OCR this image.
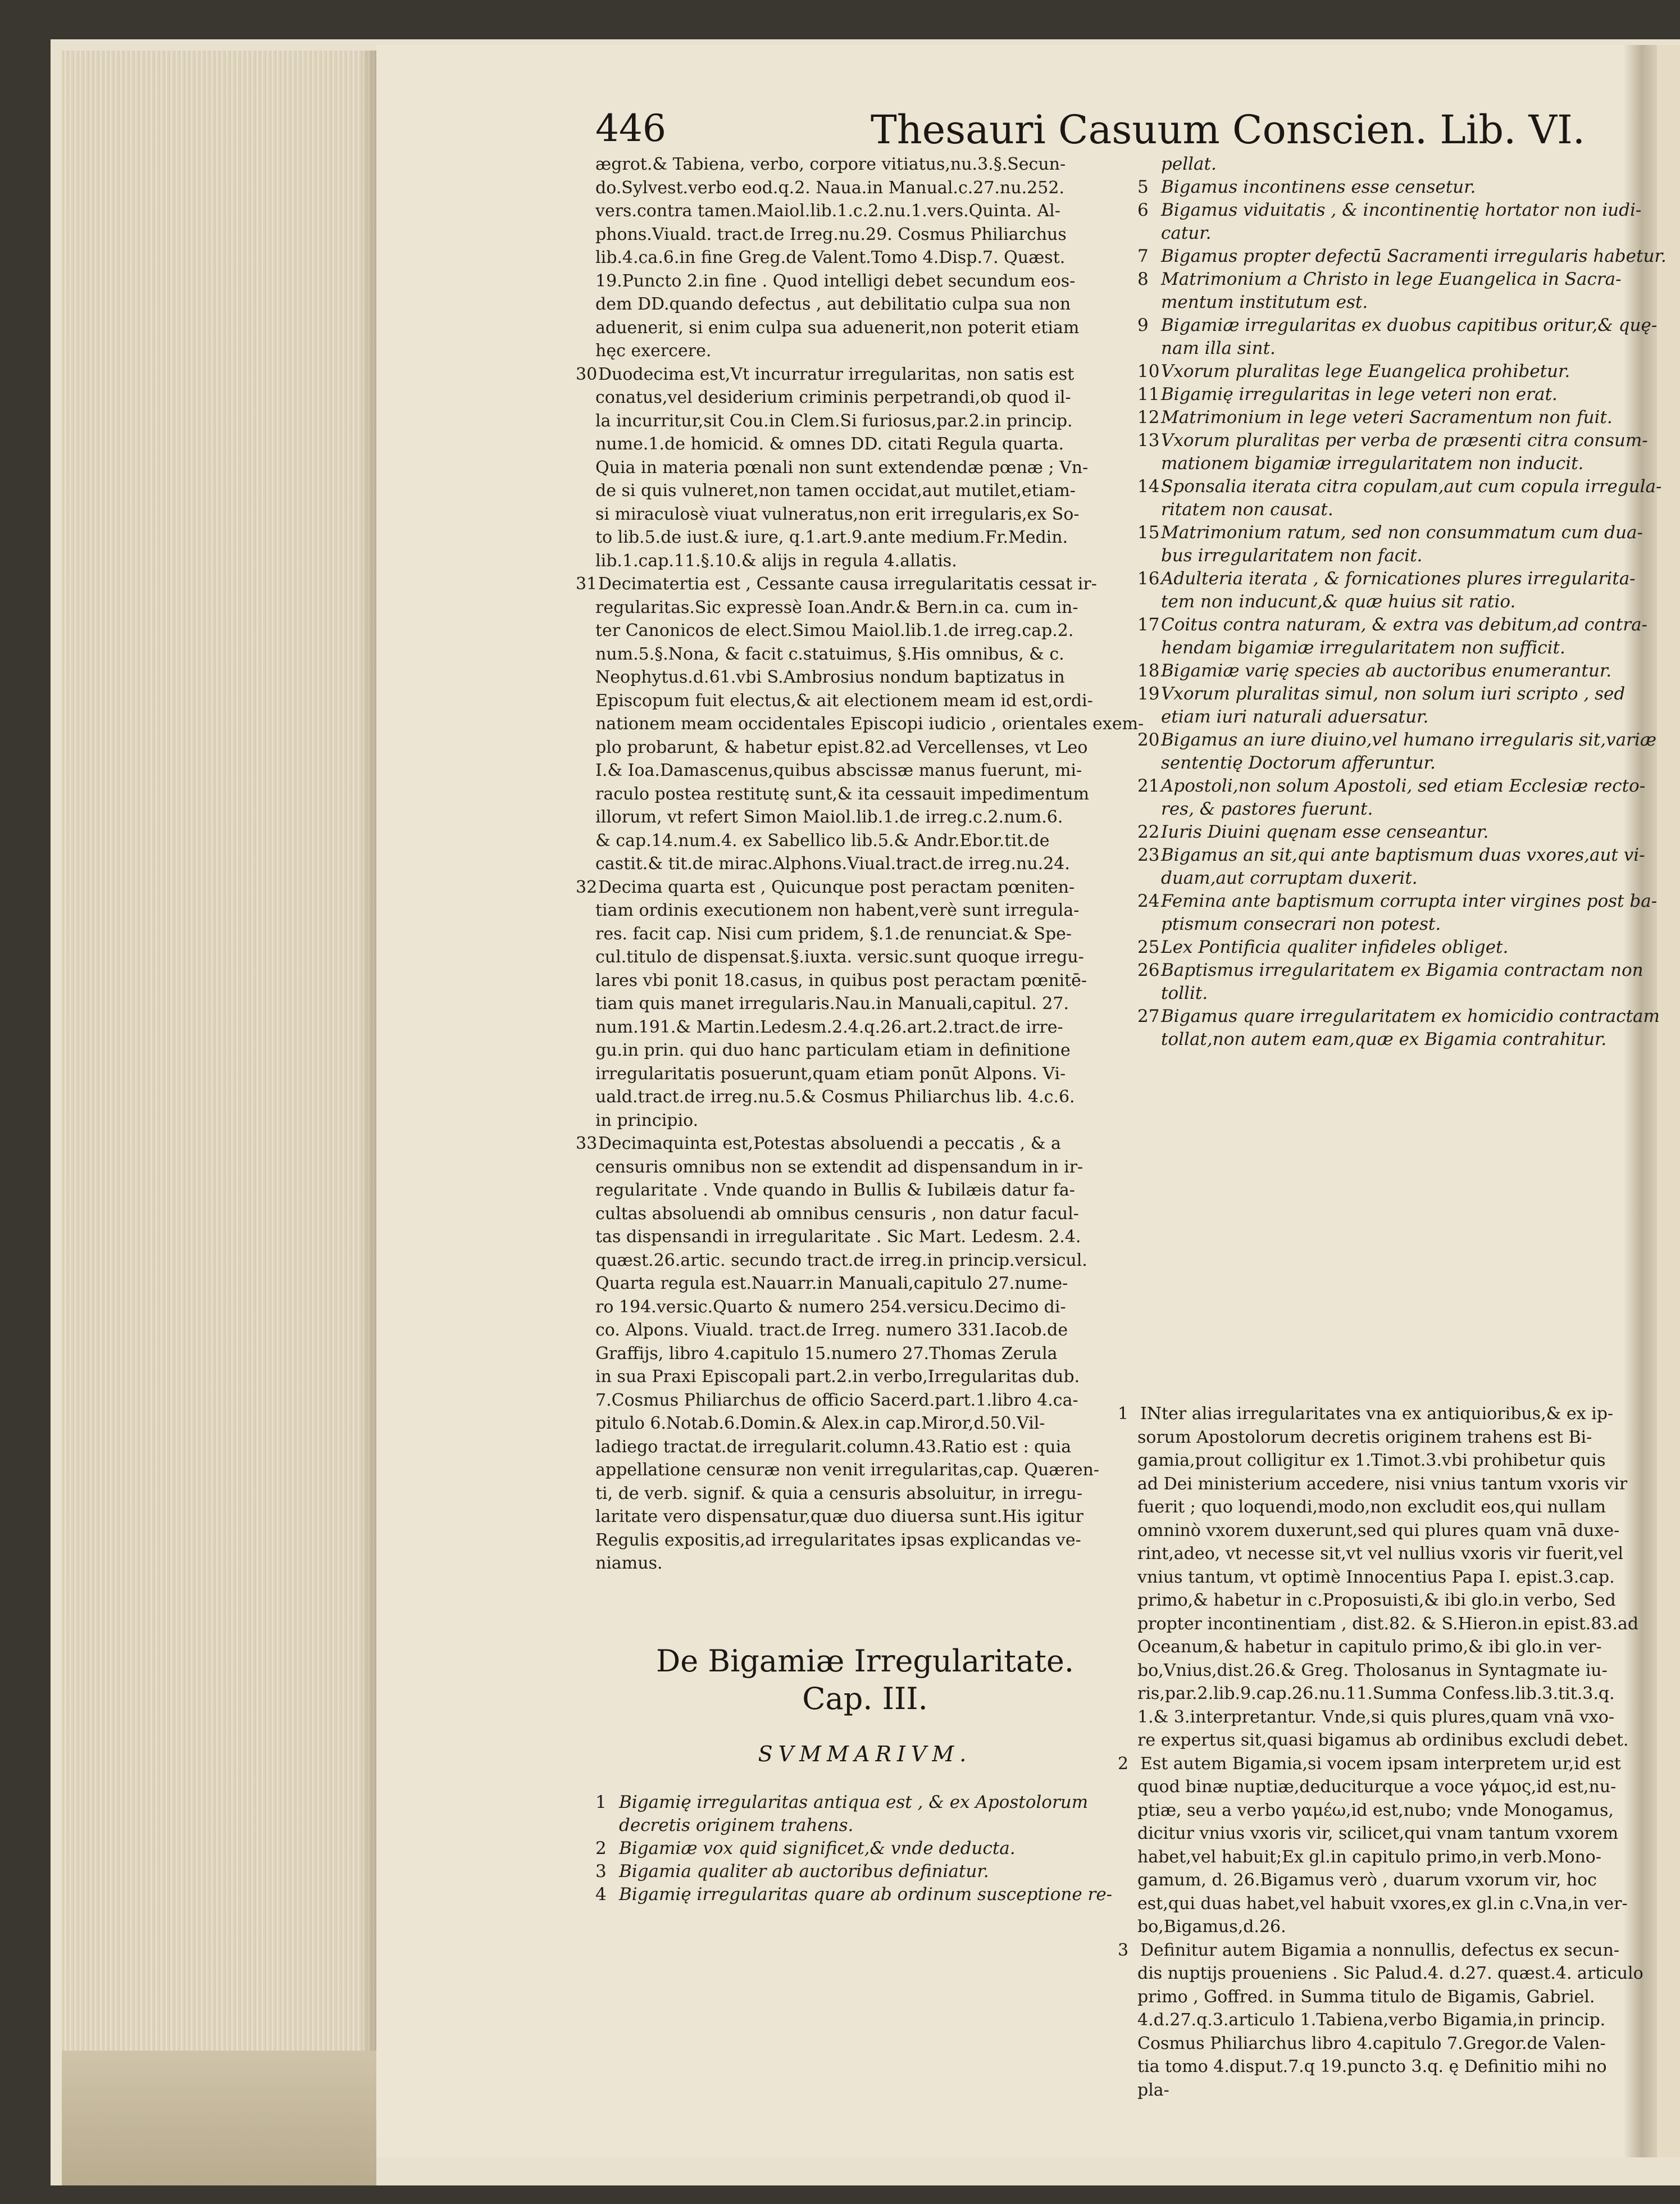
446	Thesauri Casuum Conscien. Lib. VI.
ægrot.& Tabiena, verbo, corpore vitiatus,nu.3.§.Secun-
do.Sylvest.verbo eod.q.2. Naua.in Manual.c.27.nu.252.
vers.contra tamen.Maiol.lib.1.c.2.nu.1.vers.Quinta. Al-
phons.Viuald. tract.de Irreg.nu.29. Cosmus Philiarchus
lib.4.ca.6.in fine Greg.de Valent.Tomo 4.Disp.7. Quæst.
19.Puncto 2.in fine . Quod intelligi debet secundum eos-
dem DD.quando defectus , aut debilitatio culpa sua non
aduenerit, si enim culpa sua aduenerit,non poterit etiam
hęc exercere.
30Duodecima est,Vt incurratur irregularitas, non satis est
conatus,vel desiderium criminis perpetrandi,ob quod il-
la incurritur,sit Cou.in Clem.Si furiosus,par.2.in princip.
nume.1.de homicid. & omnes DD. citati Regula quarta.
Quia in materia pœnali non sunt extendendæ pœnæ ; Vn-
de si quis vulneret,non tamen occidat,aut mutilet,etiam-
si miraculosè viuat vulneratus,non erit irregularis,ex So-
to lib.5.de iust.& iure, q.1.art.9.ante medium.Fr.Medin.
lib.1.cap.11.§.10.& alijs in regula 4.allatis.
31Decimatertia est , Cessante causa irregularitatis cessat ir-
regularitas.Sic expressè Ioan.Andr.& Bern.in ca. cum in-
ter Canonicos de elect.Simou Maiol.lib.1.de irreg.cap.2.
num.5.§.Nona, & facit c.statuimus, §.His omnibus, & c.
Neophytus.d.61.vbi S.Ambrosius nondum baptizatus in
Episcopum fuit electus,& ait electionem meam id est,ordi-
nationem meam occidentales Episcopi iudicio , orientales exem-
plo probarunt, & habetur epist.82.ad Vercellenses, vt Leo
I.& Ioa.Damascenus,quibus abscissæ manus fuerunt, mi-
raculo postea restitutę sunt,& ita cessauit impedimentum
illorum, vt refert Simon Maiol.lib.1.de irreg.c.2.num.6.
& cap.14.num.4. ex Sabellico lib.5.& Andr.Ebor.tit.de
castit.& tit.de mirac.Alphons.Viual.tract.de irreg.nu.24.
32Decima quarta est , Quicunque post peractam pœniten-
tiam ordinis executionem non habent,verè sunt irregula-
res. facit cap. Nisi cum pridem, §.1.de renunciat.& Spe-
cul.titulo de dispensat.§.iuxta. versic.sunt quoque irregu-
lares vbi ponit 18.casus, in quibus post peractam pœnitē-
tiam quis manet irregularis.Nau.in Manuali,capitul. 27.
num.191.& Martin.Ledesm.2.4.q.26.art.2.tract.de irre-
gu.in prin. qui duo hanc particulam etiam in definitione
irregularitatis posuerunt,quam etiam ponūt Alpons. Vi-
uald.tract.de irreg.nu.5.& Cosmus Philiarchus lib. 4.c.6.
in principio.
33Decimaquinta est,Potestas absoluendi a peccatis , & a
censuris omnibus non se extendit ad dispensandum in ir-
regularitate . Vnde quando in Bullis & Iubilæis datur fa-
cultas absoluendi ab omnibus censuris , non datur facul-
tas dispensandi in irregularitate . Sic Mart. Ledesm. 2.4.
quæst.26.artic. secundo tract.de irreg.in princip.versicul.
Quarta regula est.Nauarr.in Manuali,capitulo 27.nume-
ro 194.versic.Quarto & numero 254.versicu.Decimo di-
co. Alpons. Viuald. tract.de Irreg. numero 331.Iacob.de
Graffijs, libro 4.capitulo 15.numero 27.Thomas Zerula
in sua Praxi Episcopali part.2.in verbo,Irregularitas dub.
7.Cosmus Philiarchus de officio Sacerd.part.1.libro 4.ca-
pitulo 6.Notab.6.Domin.& Alex.in cap.Miror,d.50.Vil-
ladiego tractat.de irregularit.column.43.Ratio est : quia
appellatione censuræ non venit irregularitas,cap. Quæren-
ti, de verb. signif. & quia a censuris absoluitur, in irregu-
laritate vero dispensatur,quæ duo diuersa sunt.His igitur
Regulis expositis,ad irregularitates ipsas explicandas ve-
niamus.
De Bigamiæ Irregularitate.
Cap. III.
SVMMARIVM.
1 Bigamię irregularitas antiqua est , & ex Apostolorum
decretis originem trahens.
2 Bigamiæ vox quid significet,& vnde deducta.
3 Bigamia qualiter ab auctoribus definiatur.
4 Bigamię irregularitas quare ab ordinum susceptione re-
pellat.
5 Bigamus incontinens esse censetur.
6 Bigamus viduitatis , & incontinentię hortator non iudi-
catur.
7 Bigamus propter defectū Sacramenti irregularis habetur.
8 Matrimonium a Christo in lege Euangelica in Sacra-
mentum institutum est.
9 Bigamiæ irregularitas ex duobus capitibus oritur,& quę-
nam illa sint.
10Vxorum pluralitas lege Euangelica prohibetur.
11Bigamię irregularitas in lege veteri non erat.
12Matrimonium in lege veteri Sacramentum non fuit.
13Vxorum pluralitas per verba de præsenti citra consum-
mationem bigamiæ irregularitatem non inducit.
14Sponsalia iterata citra copulam,aut cum copula irregula-
ritatem non causat.
15Matrimonium ratum, sed non consummatum cum dua-
bus irregularitatem non facit.
16Adulteria iterata , & fornicationes plures irregularita-
tem non inducunt,& quæ huius sit ratio.
17Coitus contra naturam, & extra vas debitum,ad contra-
hendam bigamiæ irregularitatem non sufficit.
18Bigamiæ varię species ab auctoribus enumerantur.
19Vxorum pluralitas simul, non solum iuri scripto , sed
etiam iuri naturali aduersatur.
20Bigamus an iure diuino,vel humano irregularis sit,variæ
sententię Doctorum afferuntur.
21Apostoli,non solum Apostoli, sed etiam Ecclesiæ recto-
res, & pastores fuerunt.
22Iuris Diuini quęnam esse censeantur.
23Bigamus an sit,qui ante baptismum duas vxores,aut vi-
duam,aut corruptam duxerit.
24Femina ante baptismum corrupta inter virgines post ba-
ptismum consecrari non potest.
25Lex Pontificia qualiter infideles obliget.
26Baptismus irregularitatem ex Bigamia contractam non
tollit.
27Bigamus quare irregularitatem ex homicidio contractam
tollat,non autem eam,quæ ex Bigamia contrahitur.
1 INter alias irregularitates vna ex antiquioribus,& ex ip-
sorum Apostolorum decretis originem trahens est Bi-
gamia,prout colligitur ex 1.Timot.3.vbi prohibetur quis
ad Dei ministerium accedere, nisi vnius tantum vxoris vir
fuerit ; quo loquendi,modo,non excludit eos,qui nullam
omninò vxorem duxerunt,sed qui plures quam vnā duxe-
rint,adeo, vt necesse sit,vt vel nullius vxoris vir fuerit,vel
vnius tantum, vt optimè Innocentius Papa I. epist.3.cap.
primo,& habetur in c.Proposuisti,& ibi glo.in verbo, Sed
propter incontinentiam , dist.82. & S.Hieron.in epist.83.ad
Oceanum,& habetur in capitulo primo,& ibi glo.in ver-
bo,Vnius,dist.26.& Greg. Tholosanus in Syntagmate iu-
ris,par.2.lib.9.cap.26.nu.11.Summa Confess.lib.3.tit.3.q.
1.& 3.interpretantur. Vnde,si quis plures,quam vnā vxo-
re expertus sit,quasi bigamus ab ordinibus excludi debet.
2 Est autem Bigamia,si vocem ipsam interpretem ur,id est
quod binæ nuptiæ,deduciturque a voce γάμος,id est,nu-
ptiæ, seu a verbo γαμέω,id est,nubo; vnde Monogamus,
dicitur vnius vxoris vir, scilicet,qui vnam tantum vxorem
habet,vel habuit;Ex gl.in capitulo primo,in verb.Mono-
gamum, d. 26.Bigamus verò , duarum vxorum vir, hoc
est,qui duas habet,vel habuit vxores,ex gl.in c.Vna,in ver-
bo,Bigamus,d.26.
3 Definitur autem Bigamia a nonnullis, defectus ex secun-
dis nuptijs proueniens . Sic Palud.4. d.27. quæst.4. articulo
primo , Goffred. in Summa titulo de Bigamis, Gabriel.
4.d.27.q.3.articulo 1.Tabiena,verbo Bigamia,in princip.
Cosmus Philiarchus libro 4.capitulo 7.Gregor.de Valen-
tia tomo 4.disput.7.q 19.puncto 3.q. ę Definitio mihi no
pla-
